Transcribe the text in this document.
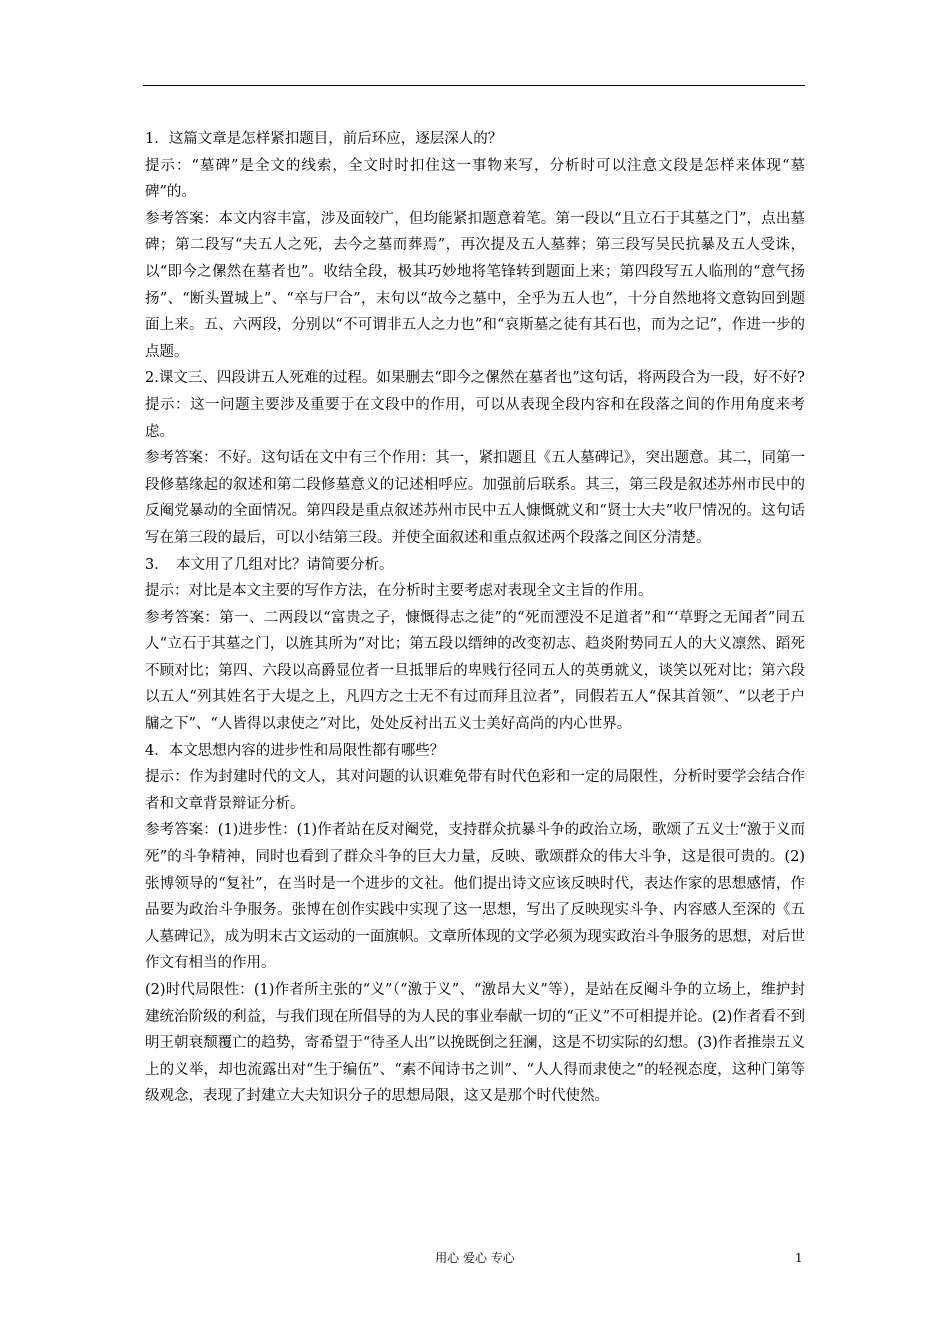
1．这篇文章是怎样紧扣题目，前后环应，逐层深人的？

提示：“墓碑”是全文的线索，全文时时扣住这一事物来写，分析时可以注意文段是怎样来体现“墓碑”的。

参考答案：本文内容丰富，涉及面较广，但均能紧扣题意着笔。第一段以“且立石于其墓之门”，点出墓碑；第二段写“夫五人之死，去今之墓而葬焉”，再次提及五人墓葬；第三段写吴民抗暴及五人受诛，以“即今之傫然在墓者也”。收结全段，极其巧妙地将笔锋转到题面上来；第四段写五人临刑的“意气扬扬”、“断头置城上”、“卒与尸合”，末句以“故今之墓中，全乎为五人也”，十分自然地将文意钩回到题面上来。五、六两段，分别以“不可谓非五人之力也”和“哀斯墓之徒有其石也，而为之记”，作进一步的点题。

2.课文三、四段讲五人死难的过程。如果删去“即今之傫然在墓者也”这句话，将两段合为一段，好不好?

提示：这一问题主要涉及重要于在文段中的作用，可以从表现全段内容和在段落之间的作用角度来考虑。

参考答案：不好。这句话在文中有三个作用：其一，紧扣题且《五人墓碑记》，突出题意。其二，同第一段修墓缘起的叙述和第二段修墓意义的记述相呼应。加强前后联系。其三，第三段是叙述苏州市民中的反阉党暴动的全面情况。第四段是重点叙述苏州市民中五人慷慨就义和“贤士大夫”收尸情况的。这句话写在第三段的最后，可以小结第三段。并使全面叙述和重点叙述两个段落之间区分清楚。

3．　本文用了几组对比？请简要分析。

提示：对比是本文主要的写作方法，在分析时主要考虑对表现全文主旨的作用。

参考答案：第一、二两段以“富贵之子，慷慨得志之徒”的“死而湮没不足道者”和“‘草野之无闻者”同五人“立石于其墓之门，以旌其所为”对比；第五段以缙绅的改变初志、趋炎附势同五人的大义凛然、蹈死不顾对比；第四、六段以高爵显位者一旦抵罪后的卑贱行径同五人的英勇就义，谈笑以死对比；第六段以五人“列其姓名于大堤之上，凡四方之士无不有过而拜且泣者”，同假若五人“保其首领”、“以老于户牖之下”、“人皆得以隶使之”对比，处处反衬出五义士美好高尚的内心世界。

4．本文思想内容的进步性和局限性都有哪些？

提示：作为封建时代的文人，其对问题的认识难免带有时代色彩和一定的局限性，分析时要学会结合作者和文章背景辩证分析。

参考答案：(1)进步性：(1)作者站在反对阉党，支持群众抗暴斗争的政治立场，歌颂了五义士“激于义而死”的斗争精神，同时也看到了群众斗争的巨大力量，反映、歌颂群众的伟大斗争，这是很可贵的。(2)张博领导的“复社”，在当时是一个进步的文社。他们提出诗文应该反映时代，表达作家的思想感情，作品要为政治斗争服务。张博在创作实践中实现了这一思想，写出了反映现实斗争、内容感人至深的《五人墓碑记》，成为明末古文运动的一面旗帜。文章所体现的文学必须为现实政治斗争服务的思想，对后世作文有相当的作用。

(2)时代局限性：(1)作者所主张的“义”（“激于义”、“激昂大义”等），是站在反阉斗争的立场上，维护封建统治阶级的利益，与我们现在所倡导的为人民的事业奉献一切的“正义”不可相提并论。(2)作者看不到明王朝衰颓覆亡的趋势，寄希望于“待圣人出”以挽既倒之狂澜，这是不切实际的幻想。(3)作者推崇五义上的义举，却也流露出对“生于编伍”、“素不闻诗书之训”、“人人得而隶使之”的轻视态度，这种门第等级观念，表现了封建立大夫知识分子的思想局限，这又是那个时代使然。

用心 爱心 专心	1
